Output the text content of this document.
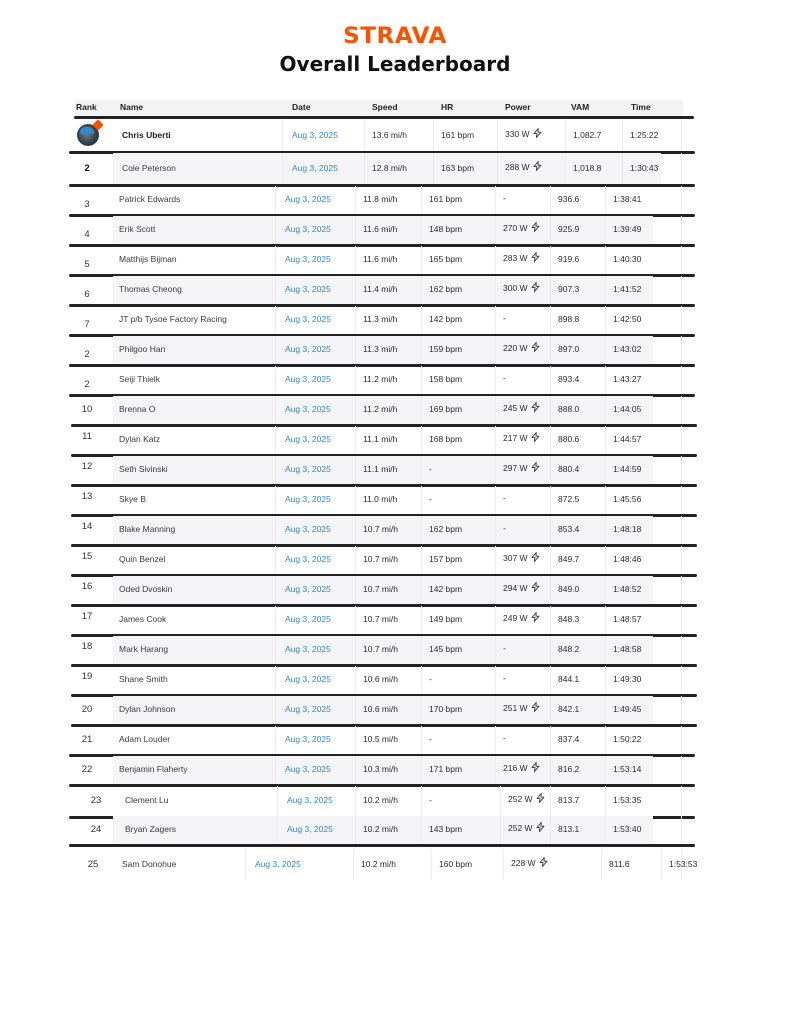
STRAVA
Overall Leaderboard
Rank	Name	Date	Speed	HR	Power	VAM	Time
Chris Uberti	Aug 3, 2025	13.6 mi/h	161 bpm	330 W	1,082.7	1:25:22
2	Cole Peterson	Aug 3, 2025	12.8 mi/h	163 bpm	288 W	1,018.8	1:30:43
3	Patrick Edwards	Aug 3, 2025	11.8 mi/h	161 bpm	-	936.6	1:38:41
4	Erik Scott	Aug 3, 2025	11.6 mi/h	148 bpm	270 W	925.9	1:39:49
5	Matthijs Bijman	Aug 3, 2025	11.6 mi/h	165 bpm	283 W	919.6	1:40:30
6	Thomas Cheong	Aug 3, 2025	11.4 mi/h	162 bpm	300 W	907.3	1:41:52
7	JT p/b Tysoe Factory Racing	Aug 3, 2025	11.3 mi/h	142 bpm	-	898.8	1:42:50
2	Philgoo Han	Aug 3, 2025	11.3 mi/h	159 bpm	220 W	897.0	1:43:02
2	Seiji Thielk	Aug 3, 2025	11.2 mi/h	158 bpm	-	893.4	1:43:27
10	Brenna O	Aug 3, 2025	11.2 mi/h	169 bpm	245 W	888.0	1:44:05
11	Dylan Katz	Aug 3, 2025	11.1 mi/h	168 bpm	217 W	880.6	1:44:57
12	Seth Sivinski	Aug 3, 2025	11.1 mi/h	-	297 W	880.4	1:44:59
13	Skye B	Aug 3, 2025	11.0 mi/h	-	-	872.5	1:45:56
14	Blake Manning	Aug 3, 2025	10.7 mi/h	162 bpm	-	853.4	1:48:18
15	Quin Benzel	Aug 3, 2025	10.7 mi/h	157 bpm	307 W	849.7	1:48:46
16	Oded Dvoskin	Aug 3, 2025	10.7 mi/h	142 bpm	294 W	849.0	1:48:52
17	James Cook	Aug 3, 2025	10.7 mi/h	149 bpm	249 W	848.3	1:48:57
18	Mark Harang	Aug 3, 2025	10.7 mi/h	145 bpm	-	848.2	1:48:58
19	Shane Smith	Aug 3, 2025	10.6 mi/h	-	-	844.1	1:49:30
20	Dylan Johnson	Aug 3, 2025	10.6 mi/h	170 bpm	251 W	842.1	1:49:45
21	Adam Louder	Aug 3, 2025	10.5 mi/h	-	-	837.4	1:50:22
22	Benjamin Flaherty	Aug 3, 2025	10.3 mi/h	171 bpm	216 W	816.2	1:53:14
23	Clement Lu	Aug 3, 2025	10.2 mi/h	-	252 W	813.7	1:53:35
24	Bryan Zagers	Aug 3, 2025	10.2 mi/h	143 bpm	252 W	813.1	1:53:40
25	Sam Donohue	Aug 3, 2025	10.2 mi/h	160 bpm	228 W	811.6	1:53:53
